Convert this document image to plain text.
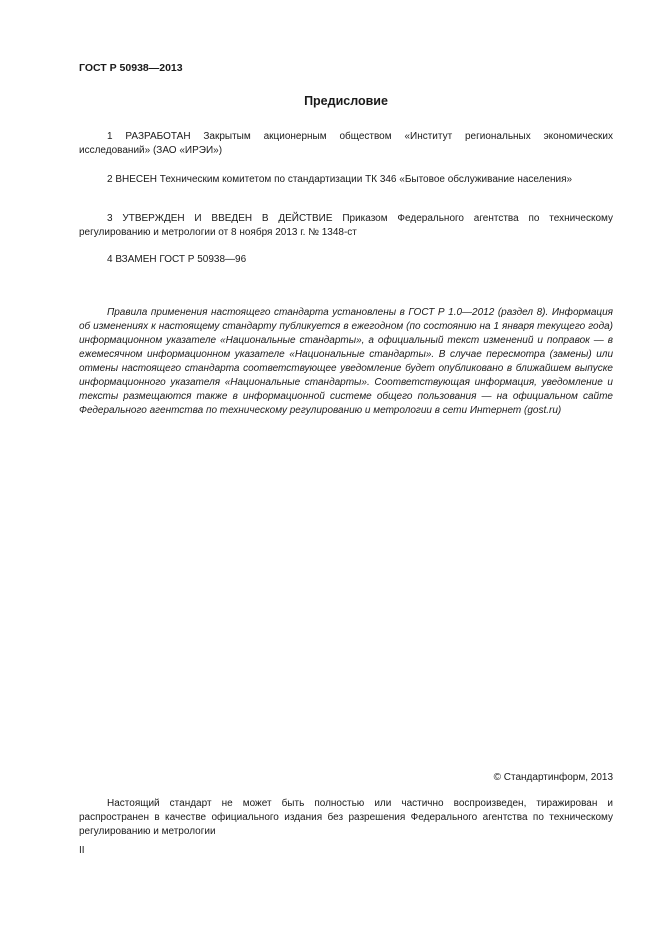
ГОСТ Р 50938—2013
Предисловие

1 РАЗРАБОТАН Закрытым акционерным обществом «Институт региональных экономических исследований» (ЗАО «ИРЭИ»)

2 ВНЕСЕН Техническим комитетом по стандартизации ТК 346 «Бытовое обслуживание населения»

3 УТВЕРЖДЕН И ВВЕДЕН В ДЕЙСТВИЕ Приказом Федерального агентства по техническому регулированию и метрологии от 8 ноября 2013 г. № 1348-ст

4 ВЗАМЕН ГОСТ Р 50938—96

Правила применения настоящего стандарта установлены в ГОСТ Р 1.0—2012 (раздел 8). Информация об изменениях к настоящему стандарту публикуется в ежегодном (по состоянию на 1 января текущего года) информационном указателе «Национальные стандарты», а официальный текст изменений и поправок — в ежемесячном информационном указателе «Национальные стандарты». В случае пересмотра (замены) или отмены настоящего стандарта соответствующее уведомление будет опубликовано в ближайшем выпуске информационного указателя «Национальные стандарты». Соответствующая информация, уведомление и тексты размещаются также в информационной системе общего пользования — на официальном сайте Федерального агентства по техническому регулированию и метрологии в сети Интернет (gost.ru)

© Стандартинформ, 2013

Настоящий стандарт не может быть полностью или частично воспроизведен, тиражирован и распространен в качестве официального издания без разрешения Федерального агентства по техническому регулированию и метрологии

II
